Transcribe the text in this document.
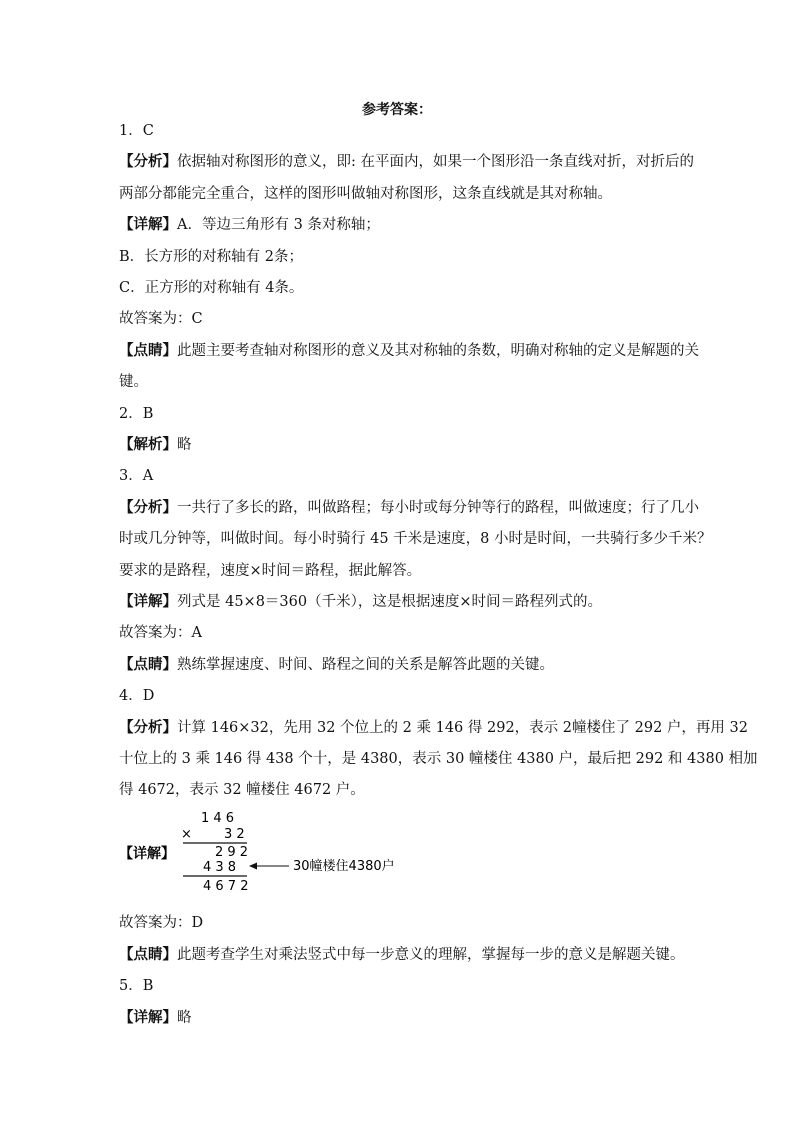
参考答案：
1．C
【分析】依据轴对称图形的意义，即: 在平面内，如果一个图形沿一条直线对折，对折后的
两部分都能完全重合，这样的图形叫做轴对称图形，这条直线就是其对称轴。
【详解】A．等边三角形有 3 条对称轴；
B．长方形的对称轴有 2条；
C．正方形的对称轴有 4条。
故答案为：C
【点睛】此题主要考查轴对称图形的意义及其对称轴的条数，明确对称轴的定义是解题的关
键。
2．B
【解析】略
3．A
【分析】一共行了多长的路，叫做路程；每小时或每分钟等行的路程，叫做速度；行了几小
时或几分钟等，叫做时间。每小时骑行 45 千米是速度，8 小时是时间，一共骑行多少千米？
要求的是路程，速度×时间＝路程，据此解答。
【详解】列式是 45×8＝360（千米），这是根据速度×时间＝路程列式的。
故答案为：A
【点睛】熟练掌握速度、时间、路程之间的关系是解答此题的关键。
4．D
【分析】计算 146×32，先用 32 个位上的 2 乘 146 得 292，表示 2幢楼住了 292 户，再用 32
十位上的 3 乘 146 得 438 个十，是 4380，表示 30 幢楼住 4380 户，最后把 292 和 4380 相加
得 4672，表示 32 幢楼住 4672 户。
【详解】
1 4 6
× 3 2
2 9 2
4 3 8
4 6 7 2
30幢楼住4380户
故答案为：D
【点睛】此题考查学生对乘法竖式中每一步意义的理解，掌握每一步的意义是解题关键。
5．B
【详解】略
